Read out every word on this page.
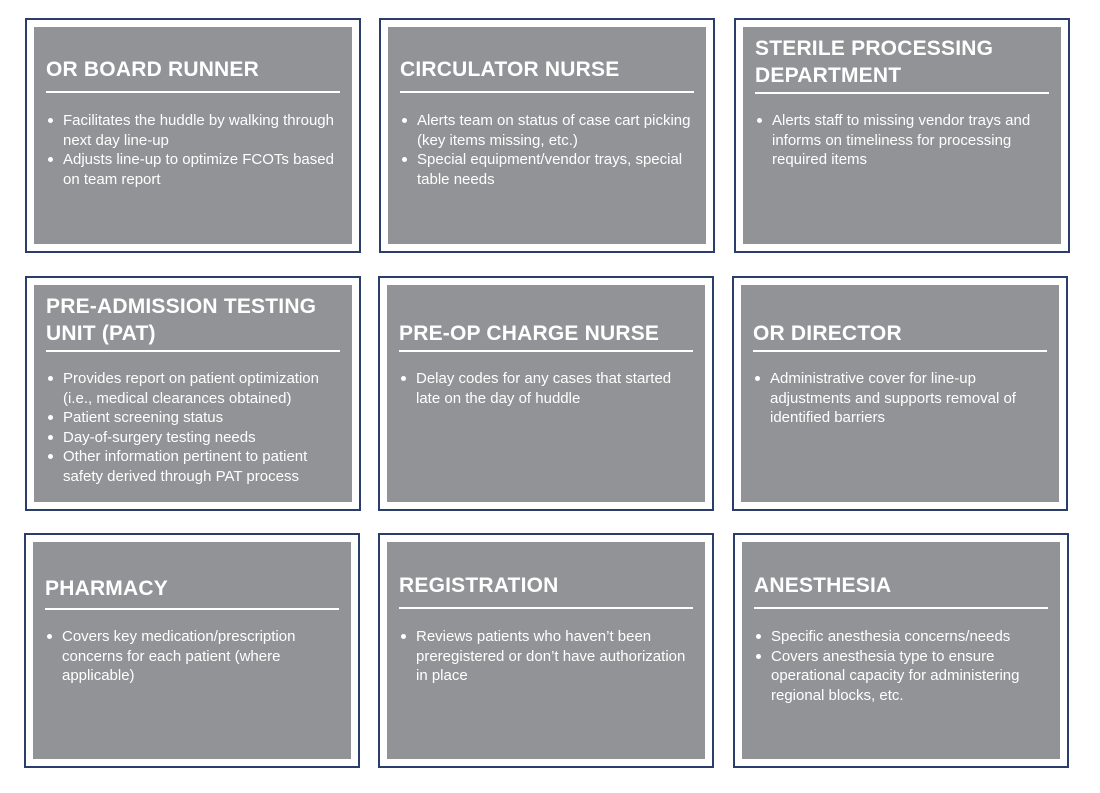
OR BOARD RUNNER
Facilitates the huddle by walking through next day line-up
Adjusts line-up to optimize FCOTs based on team report
CIRCULATOR NURSE
Alerts team on status of case cart picking (key items missing, etc.)
Special equipment/vendor trays, special table needs
STERILE PROCESSING DEPARTMENT
Alerts staff to missing vendor trays and informs on timeliness for processing required items
PRE-ADMISSION TESTING UNIT (PAT)
Provides report on patient optimization (i.e., medical clearances obtained)
Patient screening status
Day-of-surgery testing needs
Other information pertinent to patient safety derived through PAT process
PRE-OP CHARGE NURSE
Delay codes for any cases that started late on the day of huddle
OR DIRECTOR
Administrative cover for line-up adjustments and supports removal of identified barriers
PHARMACY
Covers key medication/prescription concerns for each patient (where applicable)
REGISTRATION
Reviews patients who haven’t been preregistered or don’t have authorization in place
ANESTHESIA
Specific anesthesia concerns/needs
Covers anesthesia type to ensure operational capacity for administering regional blocks, etc.
